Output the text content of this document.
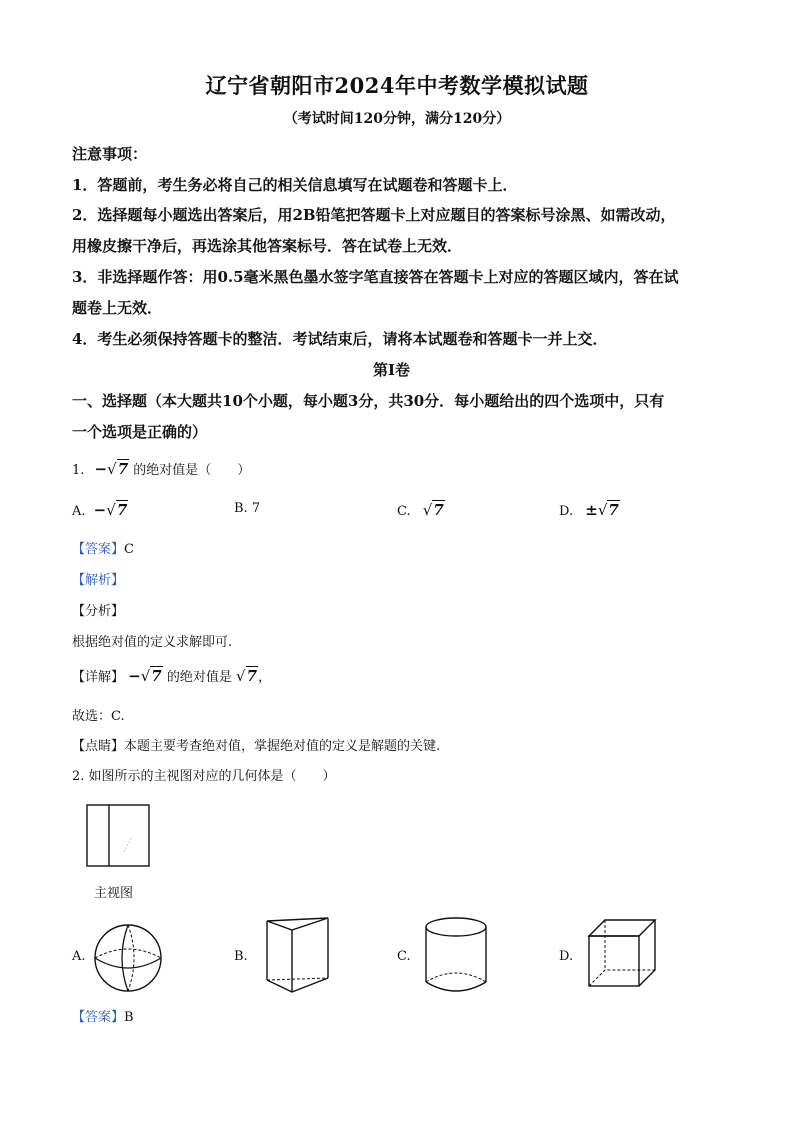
辽宁省朝阳市2024年中考数学模拟试题
（考试时间120分钟，满分120分）
注意事项：
1．答题前，考生务必将自己的相关信息填写在试题卷和答题卡上．
2．选择题每小题选出答案后，用2B铅笔把答题卡上对应题目的答案标号涂黑、如需改动，
用橡皮擦干净后，再选涂其他答案标号．答在试卷上无效．
3．非选择题作答：用0.5毫米黑色墨水签字笔直接答在答题卡上对应的答题区域内，答在试
题卷上无效．
4．考生必须保持答题卡的整洁．考试结束后，请将本试题卷和答题卡一并上交．
第I卷
一、选择题（本大题共10个小题，每小题3分，共30分．每小题给出的四个选项中，只有
一个选项是正确的）
1. −√7 的绝对值是（　　）
A. −√7	B. 7	C. √7	D. ±√7
【答案】C
【解析】
【分析】
根据绝对值的定义求解即可.
【详解】 −√7 的绝对值是 √7，
故选：C.
【点睛】本题主要考查绝对值，掌握绝对值的定义是解题的关键.
2. 如图所示的主视图对应的几何体是（　　）
主视图
A.	B.	C.	D.
【答案】B
